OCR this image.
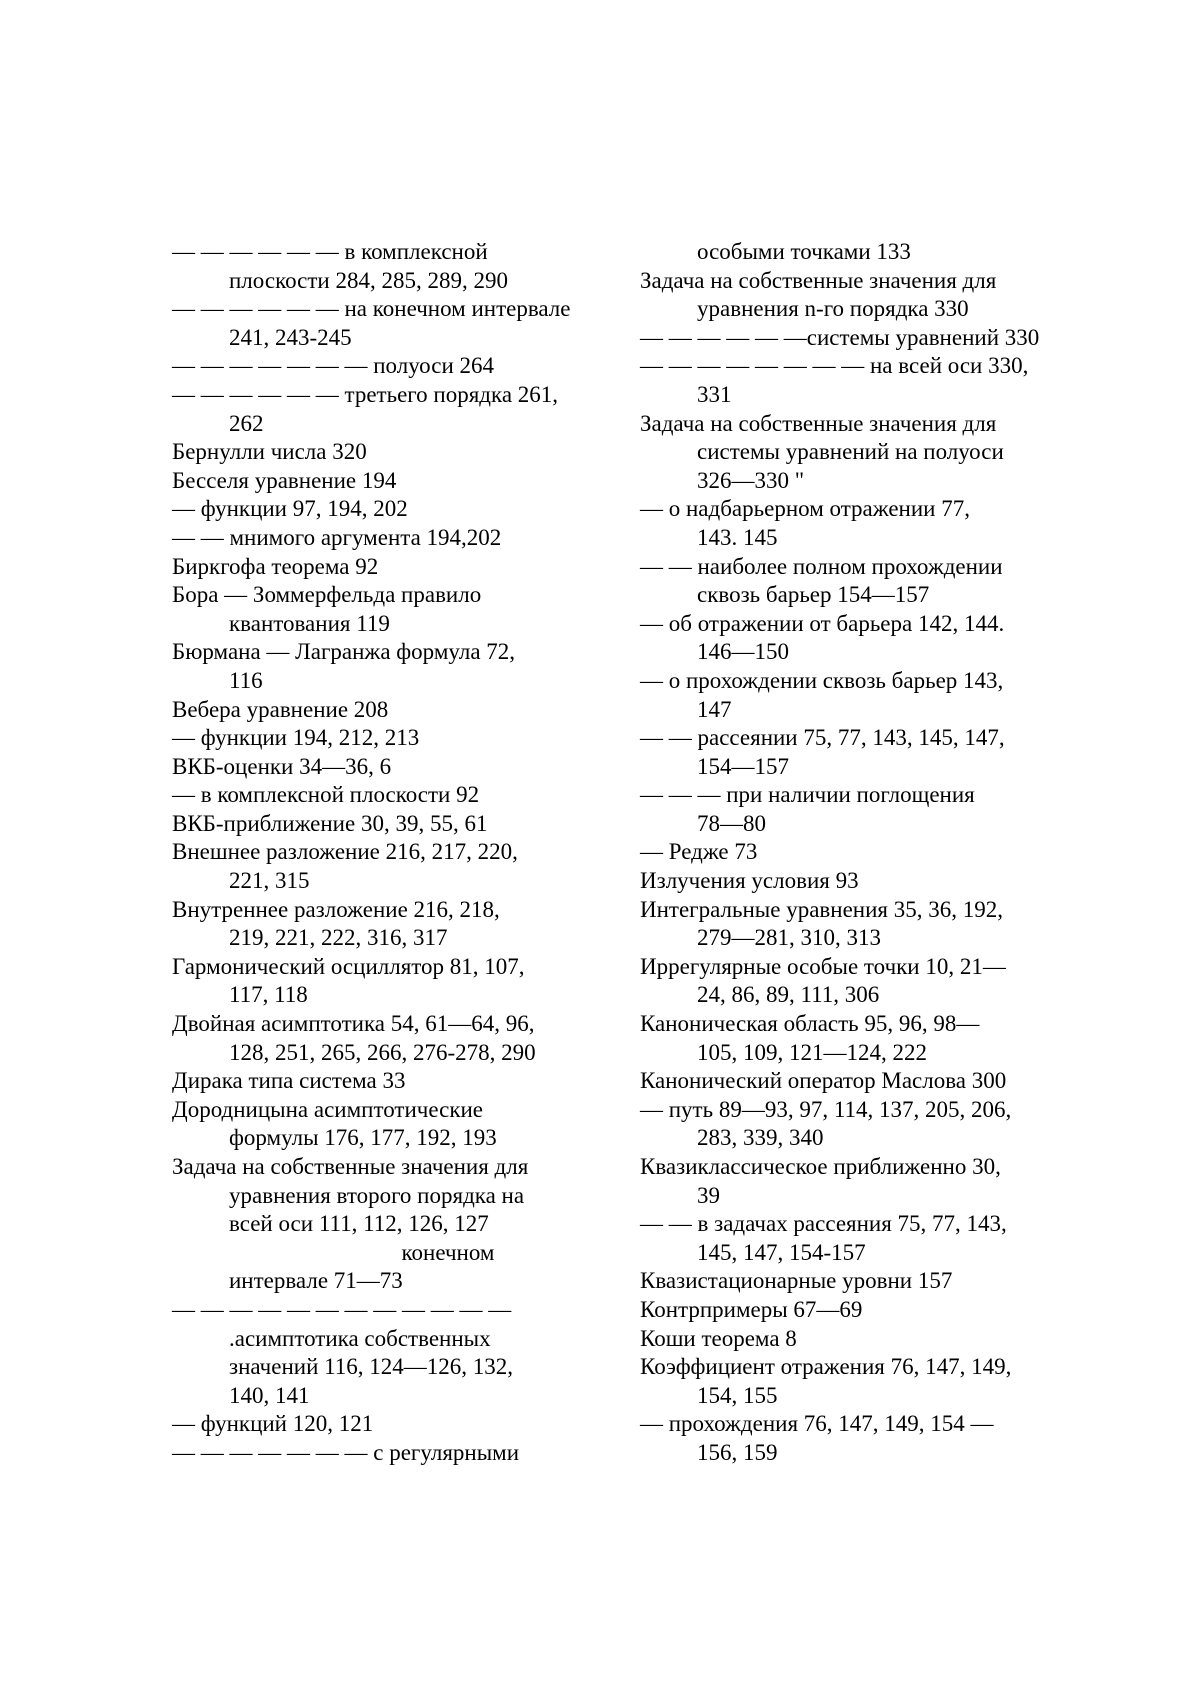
— — — — — — в комплексной
плоскости 284, 285, 289, 290
— — — — — — на конечном интервале
241, 243-245
— — — — — — — полуоси 264
— — — — — — третьего порядка 261,
262
Бернулли числа 320
Бесселя уравнение 194
— функции 97, 194, 202
— — мнимого аргумента 194,202
Биркгофа теорема 92
Бора — Зоммерфельда правило
квантования 119
Бюрмана — Лагранжа формула 72,
116
Вебера уравнение 208
— функции 194, 212, 213
ВКБ-оценки 34—36, 6
— в комплексной плоскости 92
ВКБ-приближение 30, 39, 55, 61
Внешнее разложение 216, 217, 220,
221, 315
Внутреннее разложение 216, 218,
219, 221, 222, 316, 317
Гармонический осциллятор 81, 107,
117, 118
Двойная асимптотика 54, 61—64, 96,
128, 251, 265, 266, 276-278, 290
Дирака типа система 33
Дородницына асимптотические
формулы 176, 177, 192, 193
Задача на собственные значения для
уравнения второго порядка на
всей оси 111, 112, 126, 127
конечном
интервале 71—73
— — — — — — — — — — — —
.асимптотика собственных
значений 116, 124—126, 132,
140, 141
— функций 120, 121
— — — — — — — с регулярными
особыми точками 133
Задача на собственные значения для
уравнения n-го порядка 330
— — — — — —системы уравнений 330
— — — — — — — — на всей оси 330,
331
Задача на собственные значения для
системы уравнений на полуоси
326—330 "
— о надбарьерном отражении 77,
143. 145
— — наиболее полном прохождении
сквозь барьер 154—157
— об отражении от барьера 142, 144.
146—150
— о прохождении сквозь барьер 143,
147
— — рассеянии 75, 77, 143, 145, 147,
154—157
— — — при наличии поглощения
78—80
— Редже 73
Излучения условия 93
Интегральные уравнения 35, 36, 192,
279—281, 310, 313
Иррегулярные особые точки 10, 21—
24, 86, 89, 111, 306
Каноническая область 95, 96, 98—
105, 109, 121—124, 222
Канонический оператор Маслова 300
— путь 89—93, 97, 114, 137, 205, 206,
283, 339, 340
Квазиклассическое приближенно 30,
39
— — в задачах рассеяния 75, 77, 143,
145, 147, 154-157
Квазистационарные уровни 157
Контрпримеры 67—69
Коши теорема 8
Коэффициент отражения 76, 147, 149,
154, 155
— прохождения 76, 147, 149, 154 —
156, 159
